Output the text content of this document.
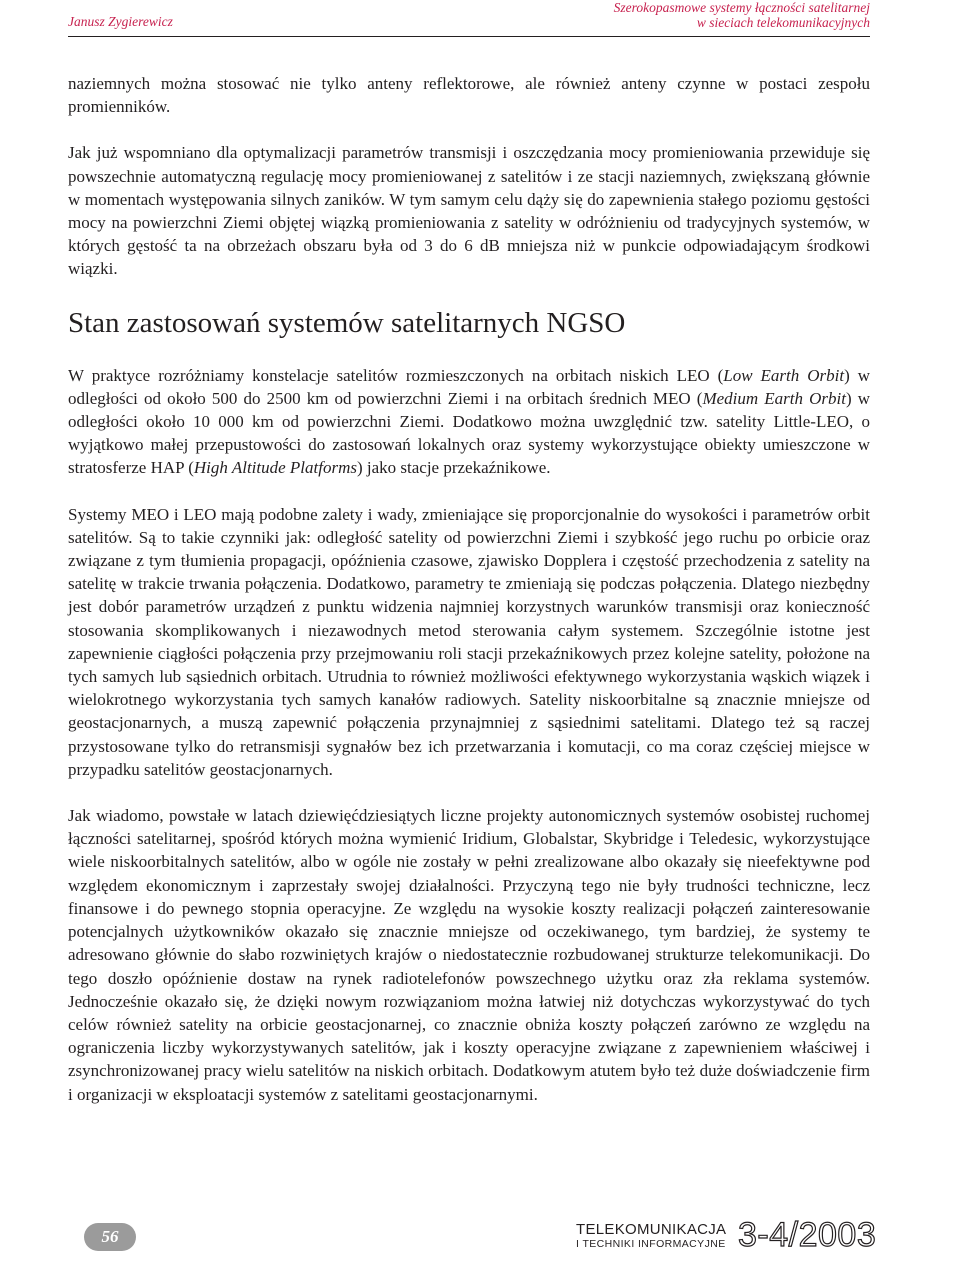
Janusz Zygierewicz
Szerokopasmowe systemy łączności satelitarnej
w sieciach telekomunikacyjnych

naziemnych można stosować nie tylko anteny reflektorowe, ale również anteny czynne w postaci zespołu promienników.

Jak już wspomniano dla optymalizacji parametrów transmisji i oszczędzania mocy promieniowania przewiduje się powszechnie automatyczną regulację mocy promieniowanej z satelitów i ze stacji naziemnych, zwiększaną głównie w momentach występowania silnych zaników. W tym samym celu dąży się do zapewnienia stałego poziomu gęstości mocy na powierzchni Ziemi objętej wiązką promieniowania z satelity w odróżnieniu od tradycyjnych systemów, w których gęstość ta na obrzeżach obszaru była od 3 do 6 dB mniejsza niż w punkcie odpowiadającym środkowi wiązki.

Stan zastosowań systemów satelitarnych NGSO

W praktyce rozróżniamy konstelacje satelitów rozmieszczonych na orbitach niskich LEO (Low Earth Orbit) w odległości od około 500 do 2500 km od powierzchni Ziemi i na orbitach średnich MEO (Medium Earth Orbit) w odległości około 10 000 km od powierzchni Ziemi. Dodatkowo można uwzględnić tzw. satelity Little-LEO, o wyjątkowo małej przepustowości do zastosowań lokalnych oraz systemy wykorzystujące obiekty umieszczone w stratosferze HAP (High Altitude Platforms) jako stacje przekaźnikowe.

Systemy MEO i LEO mają podobne zalety i wady, zmieniające się proporcjonalnie do wysokości i parametrów orbit satelitów. Są to takie czynniki jak: odległość satelity od powierzchni Ziemi i szybkość jego ruchu po orbicie oraz związane z tym tłumienia propagacji, opóźnienia czasowe, zjawisko Dopplera i częstość przechodzenia z satelity na satelitę w trakcie trwania połączenia. Dodatkowo, parametry te zmieniają się podczas połączenia. Dlatego niezbędny jest dobór parametrów urządzeń z punktu widzenia najmniej korzystnych warunków transmisji oraz konieczność stosowania skomplikowanych i niezawodnych metod sterowania całym systemem. Szczególnie istotne jest zapewnienie ciągłości połączenia przy przejmowaniu roli stacji przekaźnikowych przez kolejne satelity, położone na tych samych lub sąsiednich orbitach. Utrudnia to również możliwości efektywnego wykorzystania wąskich wiązek i wielokrotnego wykorzystania tych samych kanałów radiowych. Satelity niskoorbitalne są znacznie mniejsze od geostacjonarnych, a muszą zapewnić połączenia przynajmniej z sąsiednimi satelitami. Dlatego też są raczej przystosowane tylko do retransmisji sygnałów bez ich przetwarzania i komutacji, co ma coraz częściej miejsce w przypadku satelitów geostacjonarnych.

Jak wiadomo, powstałe w latach dziewięćdziesiątych liczne projekty autonomicznych systemów osobistej ruchomej łączności satelitarnej, spośród których można wymienić Iridium, Globalstar, Skybridge i Teledesic, wykorzystujące wiele niskoorbitalnych satelitów, albo w ogóle nie zostały w pełni zrealizowane albo okazały się nieefektywne pod względem ekonomicznym i zaprzestały swojej działalności. Przyczyną tego nie były trudności techniczne, lecz finansowe i do pewnego stopnia operacyjne. Ze względu na wysokie koszty realizacji połączeń zainteresowanie potencjalnych użytkowników okazało się znacznie mniejsze od oczekiwanego, tym bardziej, że systemy te adresowano głównie do słabo rozwiniętych krajów o niedostatecznie rozbudowanej strukturze telekomunikacji. Do tego doszło opóźnienie dostaw na rynek radiotelefonów powszechnego użytku oraz zła reklama systemów. Jednocześnie okazało się, że dzięki nowym rozwiązaniom można łatwiej niż dotychczas wykorzystywać do tych celów również satelity na orbicie geostacjonarnej, co znacznie obniża koszty połączeń zarówno ze względu na ograniczenia liczby wykorzystywanych satelitów, jak i koszty operacyjne związane z zapewnieniem właściwej i zsynchronizowanej pracy wielu satelitów na niskich orbitach. Dodatkowym atutem było też duże doświadczenie firm i organizacji w eksploatacji systemów z satelitami geostacjonarnymi.

56	TELEKOMUNIKACJA
I TECHNIKI INFORMACYJNE 3-4/2003
